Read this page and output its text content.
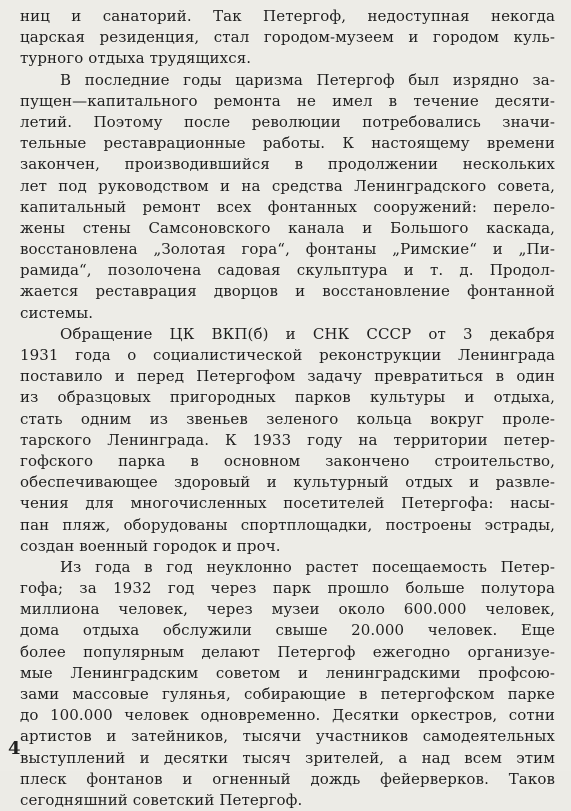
ниц и санаторий. Так Петергоф, недоступная некогда
царская резиденция, стал городом-музеем и городом куль-
турного отдыха трудящихся.
В последние годы царизма Петергоф был изрядно за-
пущен—капитального ремонта не имел в течение десяти-
летий. Поэтому после революции потребовались значи-
тельные реставрационные работы. К настоящему времени
закончен, производившийся в продолжении нескольких
лет под руководством и на средства Ленинградского совета,
капитальный ремонт всех фонтанных сооружений: перело-
жены стены Самсоновского канала и Большого каскада,
восстановлена „Золотая гора“, фонтаны „Римские“ и „Пи-
рамида“, позолочена садовая скульптура и т. д. Продол-
жается реставрация дворцов и восстановление фонтанной
системы.
Обращение ЦК ВКП(б) и СНК СССР от 3 декабря
1931 года о социалистической реконструкции Ленинграда
поставило и перед Петергофом задачу превратиться в один
из образцовых пригородных парков культуры и отдыха,
стать одним из звеньев зеленого кольца вокруг проле-
тарского Ленинграда. К 1933 году на территории петер-
гофского парка в основном закончено строительство,
обеспечивающее здоровый и культурный отдых и развле-
чения для многочисленных посетителей Петергофа: насы-
пан пляж, оборудованы спортплощадки, построены эстрады,
создан военный городок и проч.
Из года в год неуклонно растет посещаемость Петер-
гофа; за 1932 год через парк прошло больше полутора
миллиона человек, через музеи около 600.000 человек,
дома отдыха обслужили свыше 20.000 человек. Еще
более популярным делают Петергоф ежегодно организуе-
мые Ленинградским советом и ленинградскими профсою-
зами массовые гулянья, собирающие в петергофском парке
до 100.000 человек одновременно. Десятки оркестров, сотни
артистов и затейников, тысячи участников самодеятельных
выступлений и десятки тысяч зрителей, а над всем этим
плеск фонтанов и огненный дождь фейерверков. Таков
сегодняшний советский Петергоф.
4
